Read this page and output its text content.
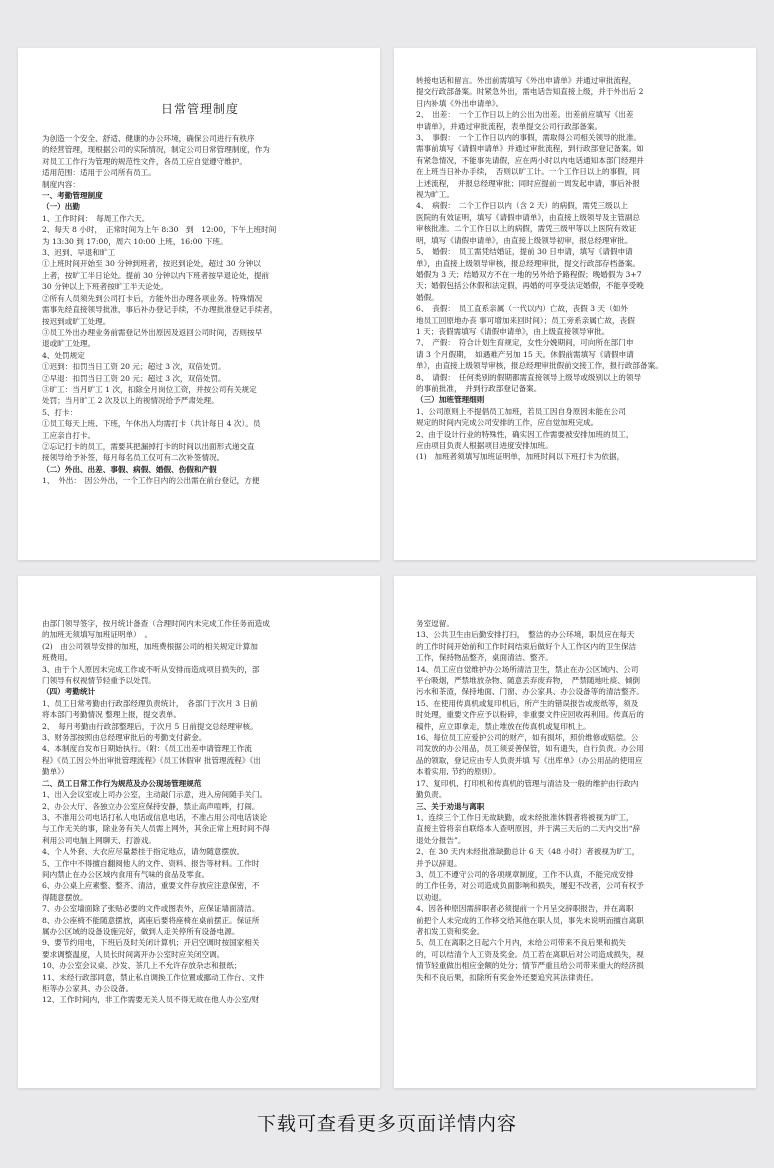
日常管理制度

为创造一个安全、舒适、健康的办公环境，确保公司进行有秩序

的经营管理，现根据公司的实际情况，制定公司日常管理制度，作为

对员工工作行为管理的规范性文件，各员工应自觉遵守维护。

适用范围：适用于公司所有员工。

制度内容：

一、考勤管理制度

（一）出勤

1、工作时间：　每周工作六天。

2、每天 8 小时，　正常时间为上午 8:30　到　12:00，下午上班时间

为 13:30 到 17:00，周六 10:00 上班，16:00 下班。

3、迟到、早退和旷工

①上班时间开始至 30 分钟到班者，按迟到论处，超过 30 分钟以

上者，按旷工半日论处。提前 30 分钟以内下班者按早退论处，提前

30 分钟以上下班者按旷工半天论处。

②所有人员须先到公司打卡后，方能外出办理各项业务。特殊情况

需事先经直接领导批准，事后补办登记手续，不办理批准登记手续者，

按迟到或旷工处理。

③员工外出办理业务前需登记外出原因及返回公司时间，否则按早

退或旷工处理。

4、处罚规定

①迟到：扣罚当日工资 20 元；超过 3 次，双倍处罚。

②早退：扣罚当日工资 20 元；超过 3 次，双倍处罚。

③旷工：当月旷工 1 次，扣除全月岗位工资，并按公司有关规定

处罚；当月旷工 2 次及以上的视情况给予严肃处理。

5、打卡：

①员工每天上班、下班，午休出入均需打卡（共计每日 4 次）。员

工应亲自打卡。

②忘记打卡的员工，需要其把漏掉打卡的时间以出面形式递交直

接领导给予补签，每月每名员工仅可有二次补签情况。

（二）外出、出差、事假、病假、婚假、伤假和产假

1、　外出：　因公外出，一个工作日内的公出需在前台登记，方便

转接电话和留言。外出前需填写《外出申请单》并通过审批流程，

提交行政部备案。时紧急外出，需电话告知直接上级，并于外出后 2

日内补填《外出申请单》。

2、　出差：　一个工作日以上的公出为出差。出差前应填写《出差

申请单》，并通过审批流程，表单提交公司行政部备案。

3、　事假：　一个工作日以内的事假，需取得公司相关领导的批准。

需事前填写《请假申请单》并通过审批流程，到行政部登记备案。如

有紧急情况，不能事先请假，应在两小时以内电话通知本部门经理并

在上班当日补办手续，　否则以旷工计。一个工作日以上的事假，同

上述流程，　并报总经理审批；同时应提前一周发起申请，事后补报

视为旷工。

4、　病假：　二个工作日以内（含 2 天）的病假，需凭三级以上

医院的有效证明，填写《请假申请单》，由直接上级领导及主管副总

审核批准。二个工作日以上的病假，需凭三级甲等以上医院有效证

明，填写《请假申请单》，由直接上级领导初审，报总经理审批。

5、　婚假：　员工需凭结婚证，提前 30 日申请，填写《请假申请

单》，由直接上级领导审核，报总经理审批，提交行政部存档备案。

婚假为 3 天；结婚双方不在一地的另外给予路程假；晚婚假为 3+7

天；婚假包括公休假和法定假，再婚的可享受法定婚假，不能享受晚

婚假。

6、　丧假：　员工直系亲属（一代以内）亡故，丧假 3 天（如外

地员工回原地办丧 事可增加来回时间）；员工旁系亲属亡故，丧假

1 天；丧假需填写《请假申请单》，由上级直接领导审批。

7、　产假：　符合计划生育规定，女性分娩期间，可向所在部门申

请 3 个月假期，　如遇难产另加 15 天。休假前需填写《请假申请

单》，由直接上级领导审核，报总经理审批假前交接工作，报行政部备案。

8、　请假：　任何类别的假期都需直接领导上级导或级别以上的领导

的事前批准，　并到行政部登记备案。

（三）加班管理细则

1、公司原则上不提倡员工加班，若员工因自身原因未能在公司

规定的时间内完成公司安排的工作，应自觉加班完成。

2、由于设计行业的特殊性，确实因工作需要被安排加班的员工，

应由项目负责人根据项目进度安排加班。

(1)　加班者须填写加班证明单，加班时间以下班打卡为依据，

由部门领导签字，按月统计备查（合理时间内未完成工作任务而造成

的加班无须填写加班证明单）　。

(2)　由公司领导安排的加班，加班费根据公司的相关规定计算加

班费用。

3、由于个人原因未完成工作或不听从安排而造成项目损失的，部

门领导有权视情节轻重予以处罚。

（四）考勤统计

1、员工日常考勤由行政部经理负责统计，　各部门于次月 3 日前

将本部门考勤情况 整理上报，提交表单。

2、　每月考勤由行政部整理后，于次月 5 日前提交总经理审核。

3、财务部按照由总经理审批后的考勤支付薪金。

4、本制度自发布日期始执行。（附：《员工出差申请管理工作流

程》《员工因公外出审批管理流程》《员工休假审 批管理流程》《出

勤单》）

二、员工日常工作行为规范及办公现场管理规范

1、出入会议室或上司办公室，主动敲门示意，进入房间随手关门。

2、办公大厅、各独立办公室应保持安静，禁止高声喧哗，打闹。

3、不准用公司电话打私人电话或信息电话，不准占用公司电话谈论

与工作无关的事，除业务有关人员需上网外，其余正常上班时间不得

利用公司电脑上网聊天、打游戏。

4、个人外套、大衣应尽量悬挂于指定地点，请勿随意摆放。

5、工作中不得擅自翻阅他人的文件、资料、报告等材料。工作时

间内禁止在办公区域内食用有气味的食品及零食。

6、办公桌上应素整、整齐、清洁，重要文件存放应注意保密，不

得随意摆放。

7、办公室墙面除了张贴必要的文件或图表外，应保证墙面清洁。

8、办公座椅不能随意摆放，离座后要将座椅在桌前摆正。保证所

属办公区域的设备设施完好，做到人走关停所有设备电源。

9、要节约用电，下班后及时关闭计算机；开启空调时按国家相关

要求调整温度，人员长时间离开办公室时应关闭空调。

10、办公室会议桌、沙发、茶几上不允许存放杂志和报纸；

11、未经行政部同意，禁止私自调换工作位置或挪动工作台、文件

柜等办公家具、办公设备。

12、工作时间内，非工作需要无关人员不得无故在他人办公室/财

务室逗留。

13、公共卫生由后勤安排打扫，　整洁的办公环境，职员应在每天

的工作时间开始前和工作时间结束后做好个人工作区内的卫生保洁

工作，保持物品整齐，桌面清洁、整齐。

14、员工应自觉维护办公场所清洁卫生，禁止在办公区域内、公司

平台吸烟，严禁堆放杂物、随意丢弃废弃物，　严禁随地吐痰、倾倒

污水和茶渣，保持地面、门窗、办公家具、办公设备等的清洁整齐。

15、在使用传真机或复印机后，所产生的错误报告或废纸等，须及

时处理，重要文件应予以粉碎，非重要文件应回收再利用。传真后的

稿件，应立即拿走，禁止堆放在传真机或复印机上。

16、每位员工应爱护公司的财产，如有损坏，照价维修或赔偿。公

司发放的办公用品，员工须妥善保管，如有遗失，自行负责。办公用

品的领取，登记应由专人负责并填 写《出库单》（办公用品的使用应

本着实用, 节约的原则）。

17、复印机、打印机和传真机的管理与清洁及一般的维护由行政内

勤负责。

三、关于劝退与离职

1、连续三个工作日无故缺勤，或未经批准休假者将被视为旷工，

直接主管将亲自联络本人查明原因，并于满三天后的二天内交出“辞

退处分报告”。

2、在 30 天内未经批准缺勤总计 6 天（48 小时）者被视为旷工，

并予以辞退。

3、员工不遵守公司的各项规章制度，工作不认真，不能完成安排

的工作任务，对公司造成负面影响和损失，屡犯不改者，公司有权予

以劝退。

4、因各种原因需辞职者必须提前一个月呈交辞职报告，并在离职

前把个人未完成的工作移交给其他在职人员，事先未说明而擅自离职

者扣发工资和奖金。

5、员工在离职之日起六个月内，未给公司带来不良后果和损失

的，可以结清个人工资及奖金。员工若在离职后对公司造成损失，视

情节轻重做出相应金额的处分；情节严重且给公司带来重大的经济损

失和不良后果，扣除所有奖金外还要追究其法律责任。

下载可查看更多页面详情内容
